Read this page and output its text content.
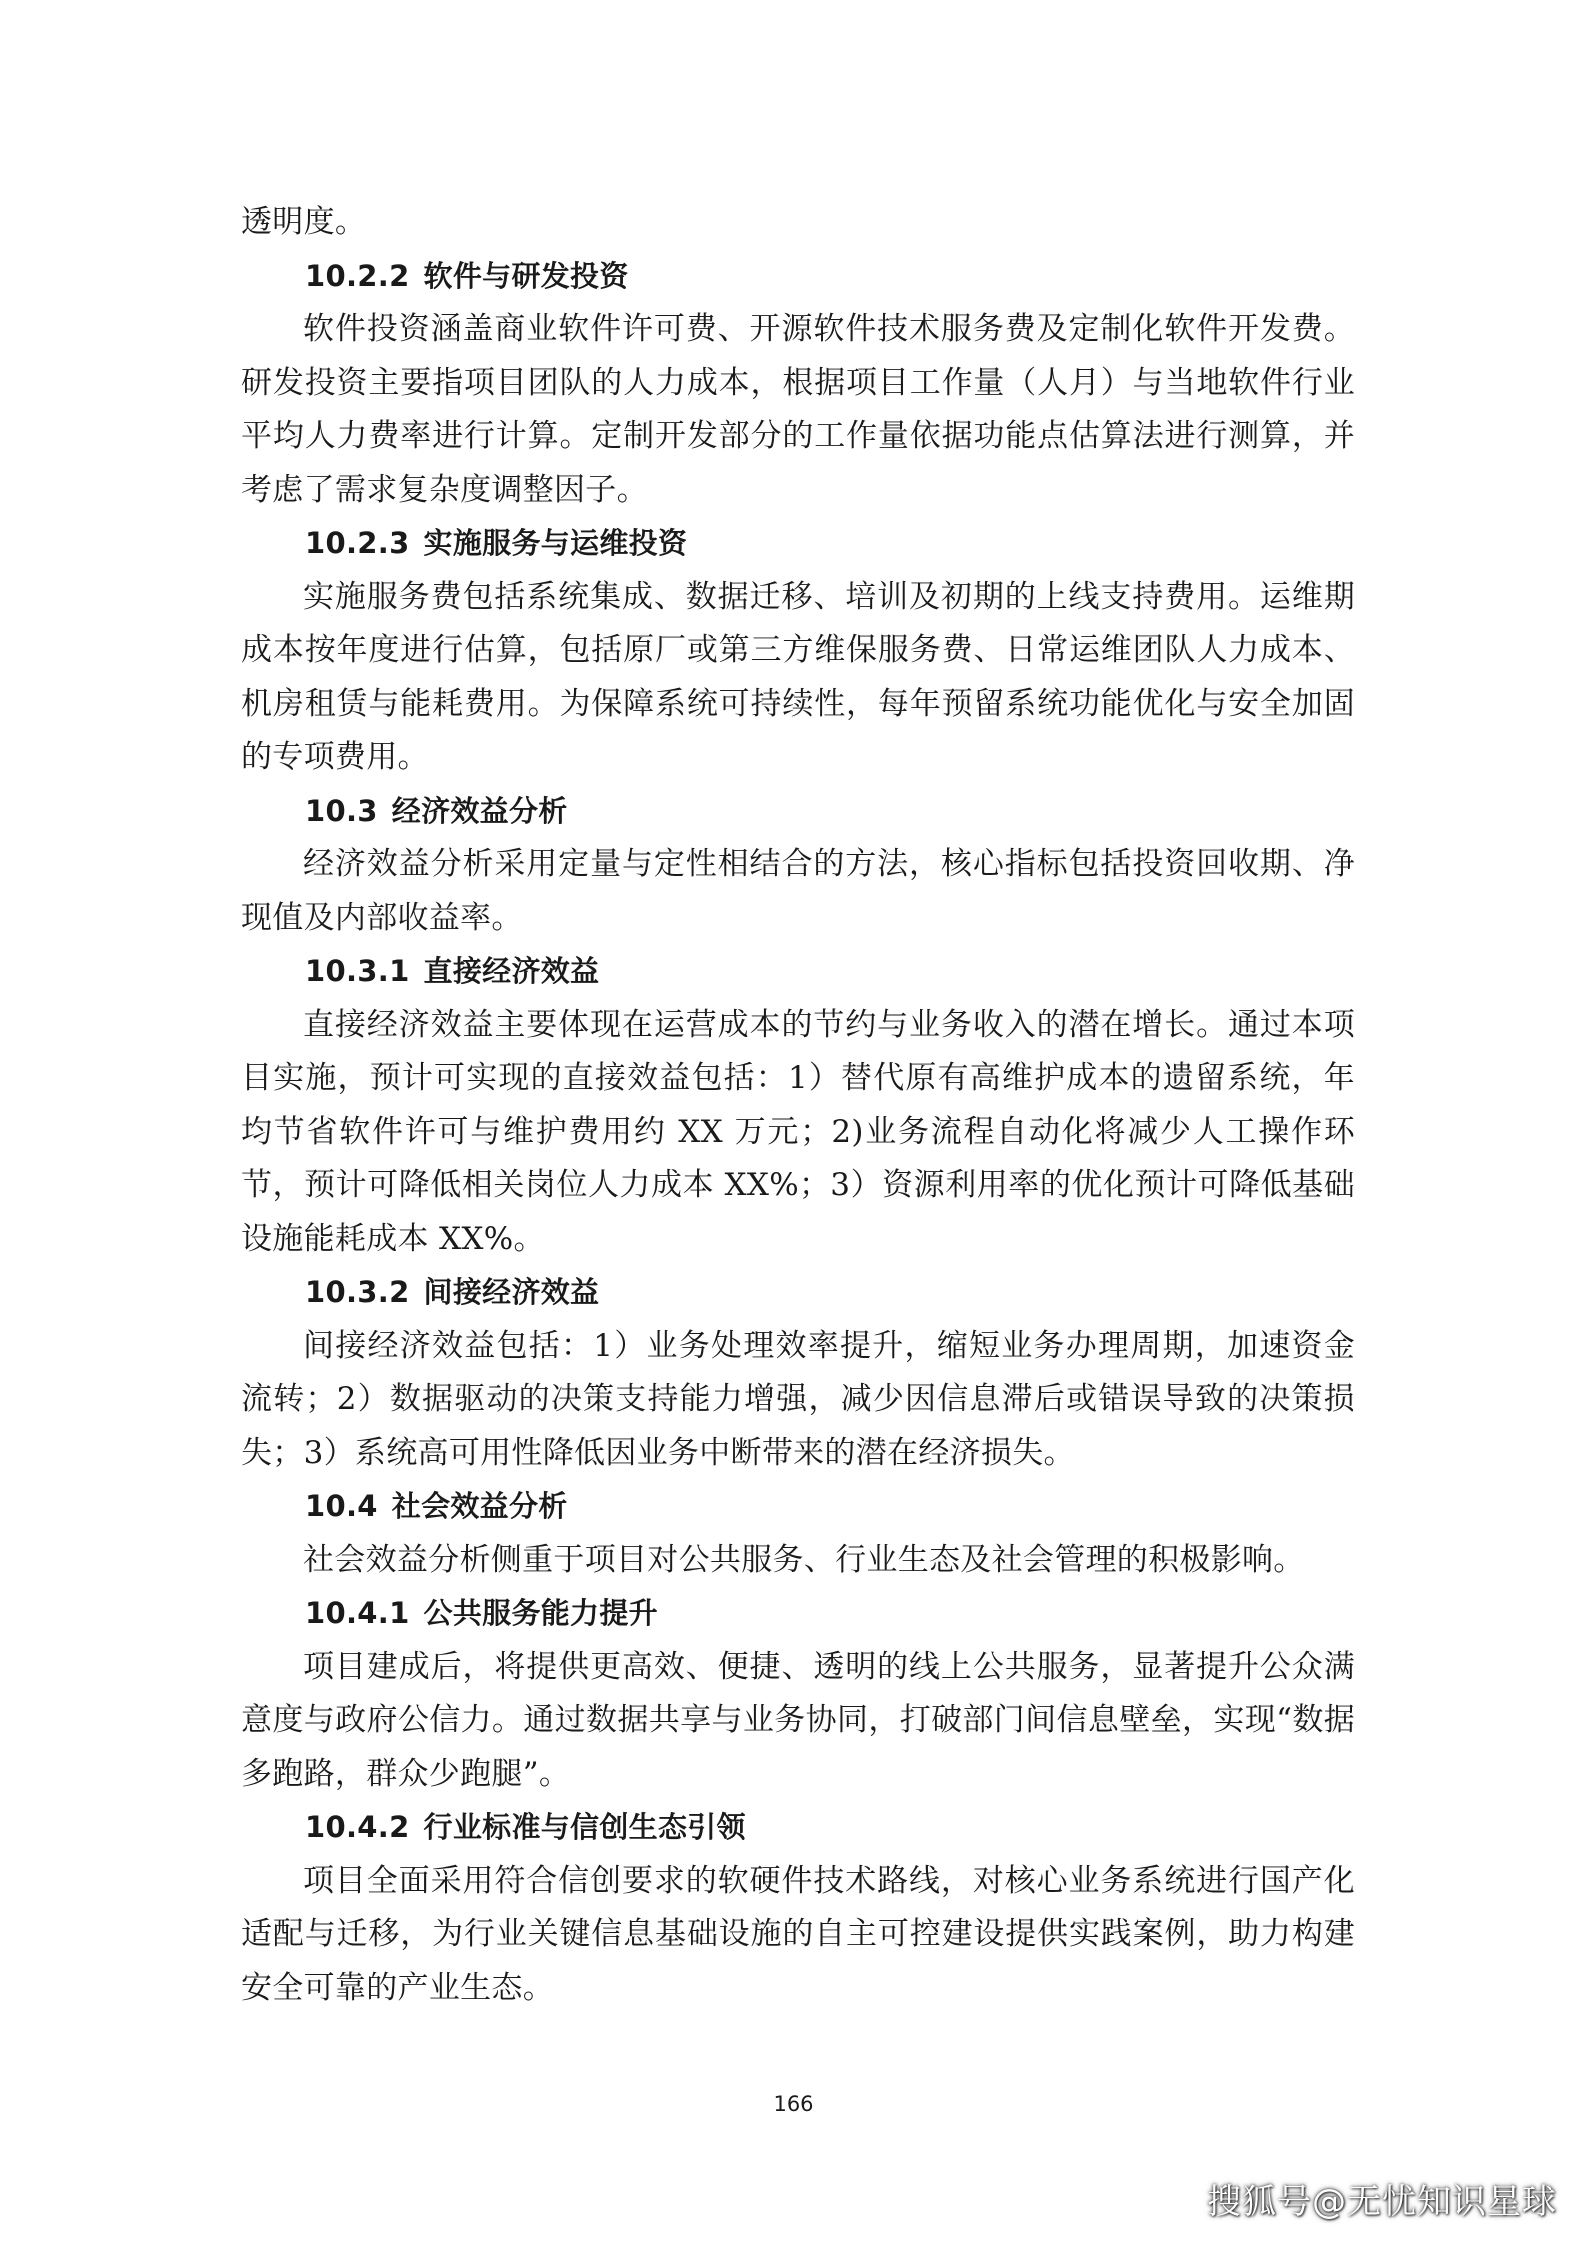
透明度。

10.2.2 软件与研发投资

软件投资涵盖商业软件许可费、开源软件技术服务费及定制化软件开发费。研发投资主要指项目团队的人力成本，根据项目工作量（人月）与当地软件行业平均人力费率进行计算。定制开发部分的工作量依据功能点估算法进行测算，并考虑了需求复杂度调整因子。

10.2.3 实施服务与运维投资

实施服务费包括系统集成、数据迁移、培训及初期的上线支持费用。运维期成本按年度进行估算，包括原厂或第三方维保服务费、日常运维团队人力成本、机房租赁与能耗费用。为保障系统可持续性，每年预留系统功能优化与安全加固的专项费用。

10.3 经济效益分析

经济效益分析采用定量与定性相结合的方法，核心指标包括投资回收期、净现值及内部收益率。

10.3.1 直接经济效益

直接经济效益主要体现在运营成本的节约与业务收入的潜在增长。通过本项目实施，预计可实现的直接效益包括：1）替代原有高维护成本的遗留系统，年均节省软件许可与维护费用约 XX 万元；2)业务流程自动化将减少人工操作环节，预计可降低相关岗位人力成本 XX%；3）资源利用率的优化预计可降低基础设施能耗成本 XX%。

10.3.2 间接经济效益

间接经济效益包括：1）业务处理效率提升，缩短业务办理周期，加速资金流转；2）数据驱动的决策支持能力增强，减少因信息滞后或错误导致的决策损失；3）系统高可用性降低因业务中断带来的潜在经济损失。

10.4 社会效益分析

社会效益分析侧重于项目对公共服务、行业生态及社会管理的积极影响。

10.4.1 公共服务能力提升

项目建成后，将提供更高效、便捷、透明的线上公共服务，显著提升公众满意度与政府公信力。通过数据共享与业务协同，打破部门间信息壁垒，实现“数据多跑路，群众少跑腿”。

10.4.2 行业标准与信创生态引领

项目全面采用符合信创要求的软硬件技术路线，对核心业务系统进行国产化适配与迁移，为行业关键信息基础设施的自主可控建设提供实践案例，助力构建安全可靠的产业生态。

166
搜狐号@无忧知识星球
